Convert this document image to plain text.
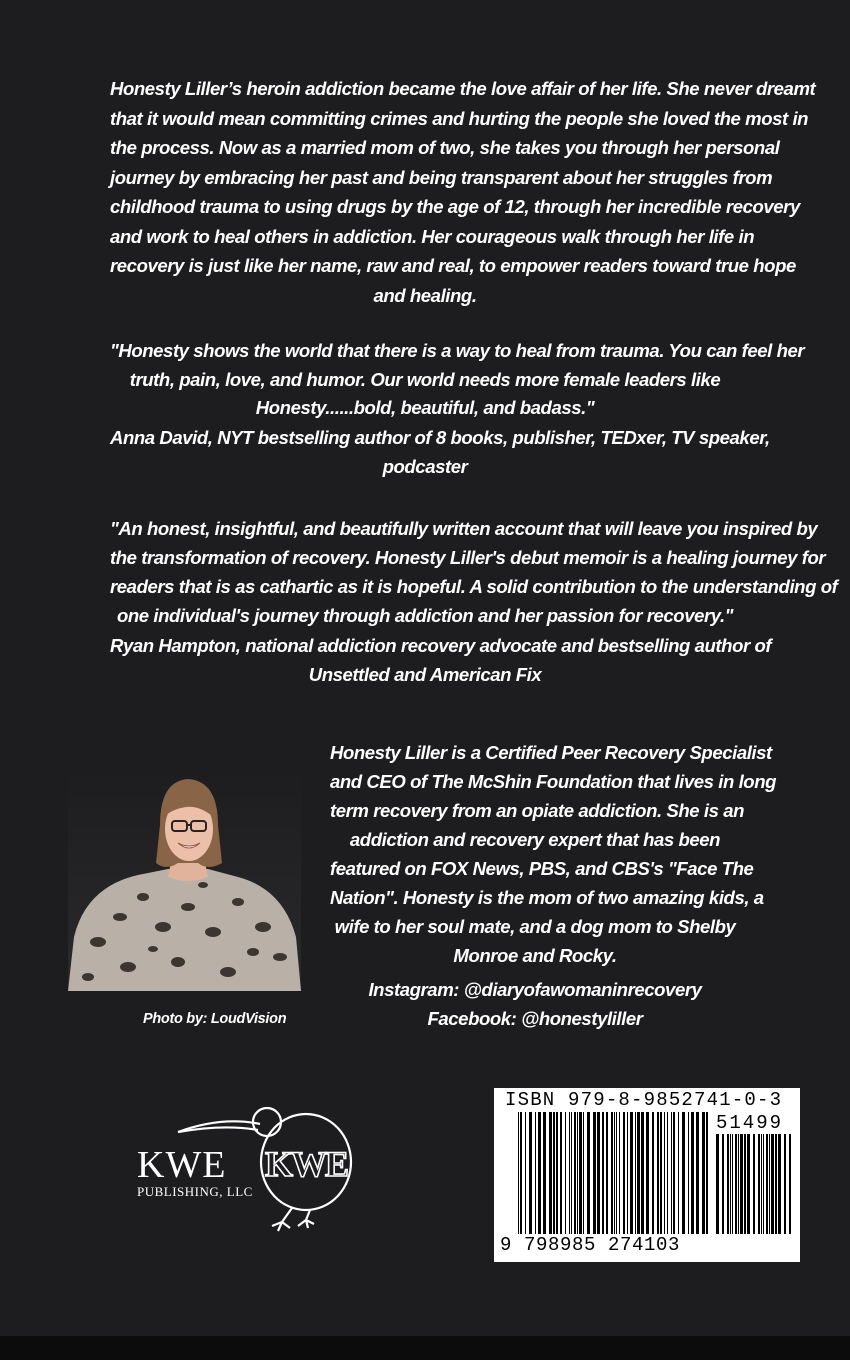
Honesty Liller’s heroin addiction became the love affair of her life. She never dreamt
that it would mean committing crimes and hurting the people she loved the most in
the process. Now as a married mom of two, she takes you through her personal
journey by embracing her past and being transparent about her struggles from
childhood trauma to using drugs by the age of 12, through her incredible recovery
and work to heal others in addiction. Her courageous walk through her life in
recovery is just like her name, raw and real, to empower readers toward true hope
and healing.
"Honesty shows the world that there is a way to heal from trauma. You can feel her
truth, pain, love, and humor. Our world needs more female leaders like
Honesty......bold, beautiful, and badass."
Anna David, NYT bestselling author of 8 books, publisher, TEDxer, TV speaker,
podcaster
"An honest, insightful, and beautifully written account that will leave you inspired by
the transformation of recovery. Honesty Liller's debut memoir is a healing journey for
readers that is as cathartic as it is hopeful. A solid contribution to the understanding of
one individual's journey through addiction and her passion for recovery."
Ryan Hampton, national addiction recovery advocate and bestselling author of
Unsettled and American Fix
Photo by: LoudVision
Honesty Liller is a Certified Peer Recovery Specialist
and CEO of The McShin Foundation that lives in long
term recovery from an opiate addiction. She is an
addiction and recovery expert that has been
featured on FOX News, PBS, and CBS's "Face The
Nation". Honesty is the mom of two amazing kids, a
wife to her soul mate, and a dog mom to Shelby
Monroe and Rocky.
Instagram: @diaryofawomaninrecovery
Facebook: @honestyliller
KWE
KWE
PUBLISHING, LLC
ISBN 979-8-9852741-0-3
51499
9 798985 274103
